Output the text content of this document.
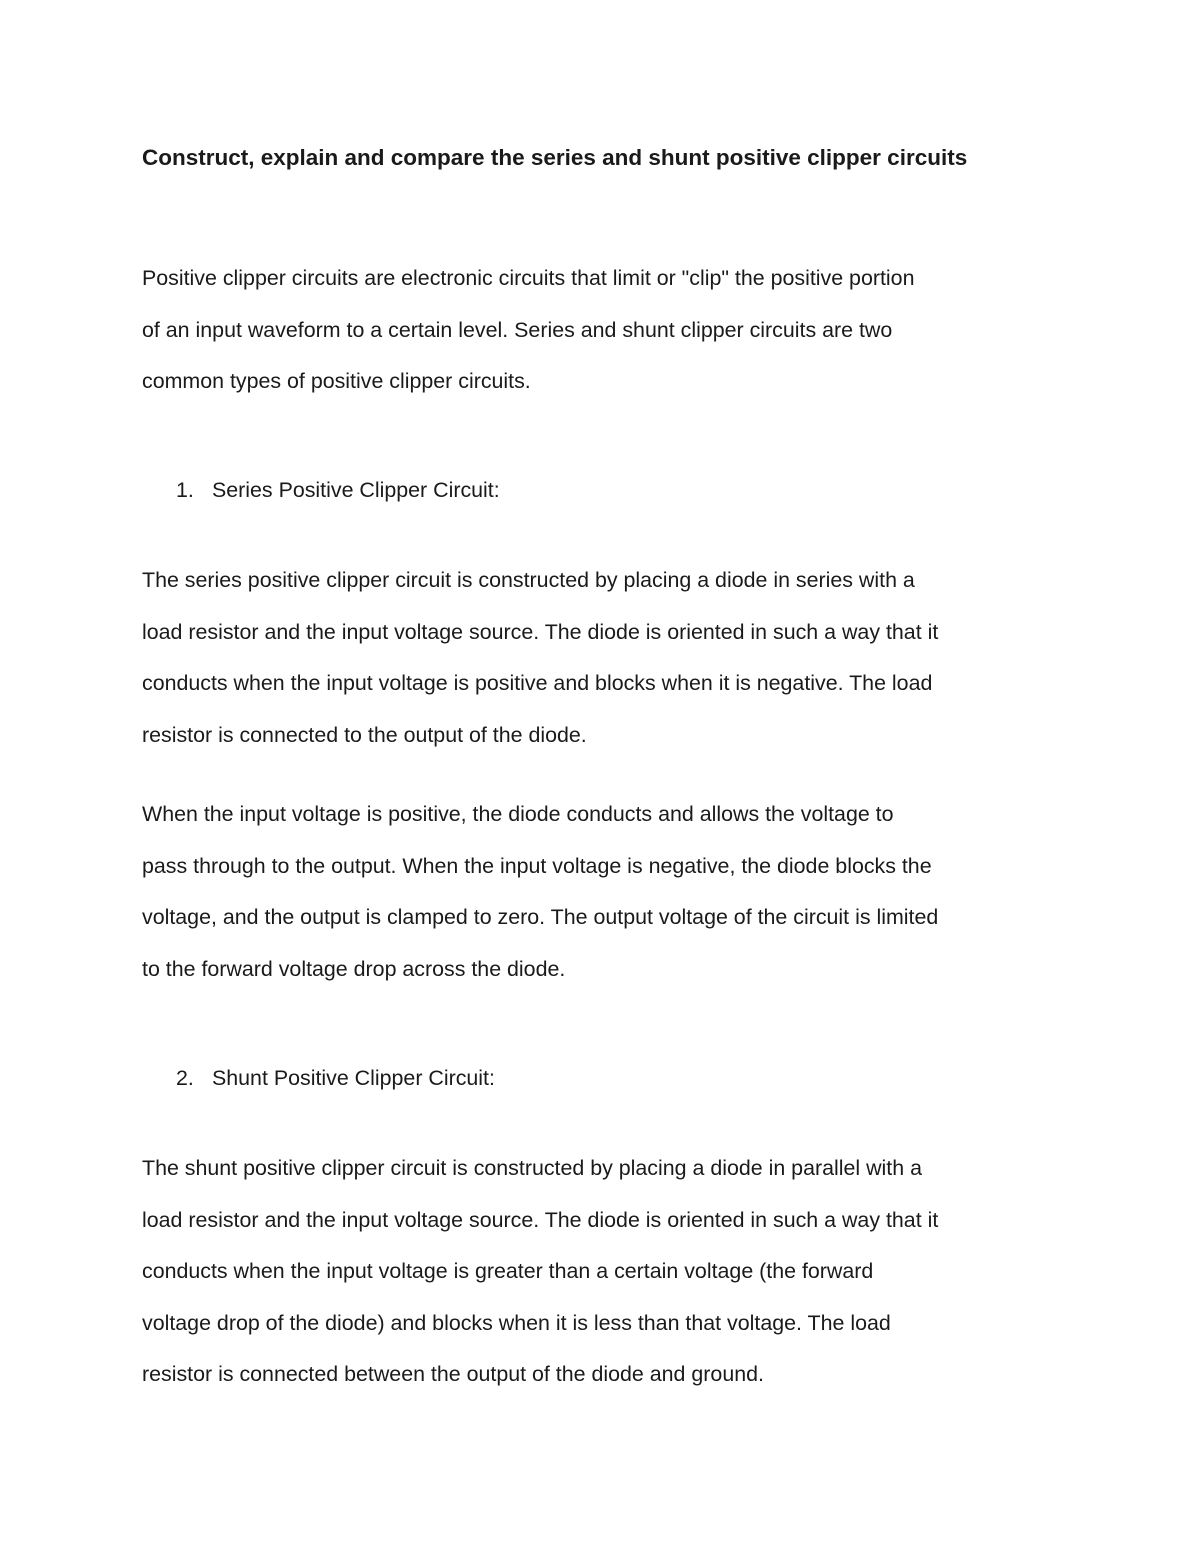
Construct, explain and compare the series and shunt positive clipper circuits

Positive clipper circuits are electronic circuits that limit or "clip" the positive portion
of an input waveform to a certain level. Series and shunt clipper circuits are two
common types of positive clipper circuits.

1. Series Positive Clipper Circuit:

The series positive clipper circuit is constructed by placing a diode in series with a
load resistor and the input voltage source. The diode is oriented in such a way that it
conducts when the input voltage is positive and blocks when it is negative. The load
resistor is connected to the output of the diode.

When the input voltage is positive, the diode conducts and allows the voltage to
pass through to the output. When the input voltage is negative, the diode blocks the
voltage, and the output is clamped to zero. The output voltage of the circuit is limited
to the forward voltage drop across the diode.

2. Shunt Positive Clipper Circuit:

The shunt positive clipper circuit is constructed by placing a diode in parallel with a
load resistor and the input voltage source. The diode is oriented in such a way that it
conducts when the input voltage is greater than a certain voltage (the forward
voltage drop of the diode) and blocks when it is less than that voltage. The load
resistor is connected between the output of the diode and ground.
